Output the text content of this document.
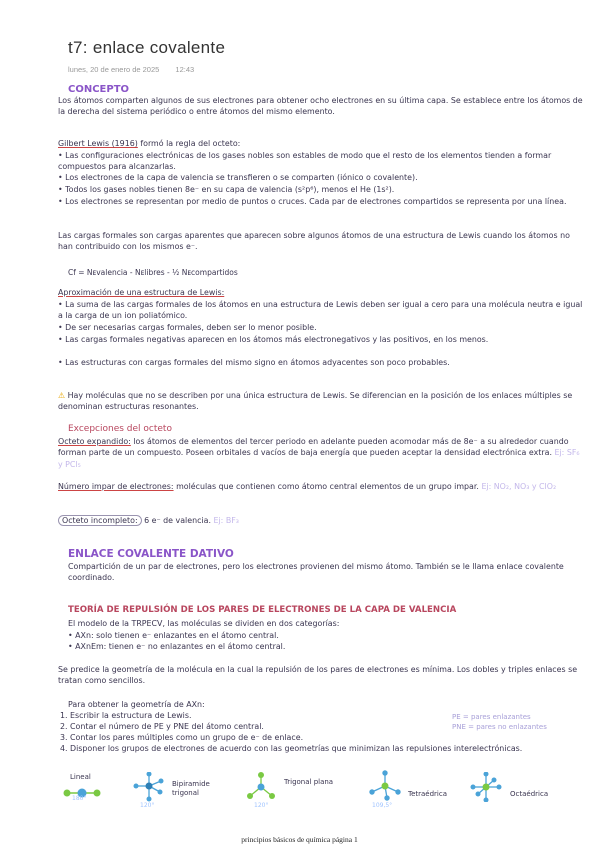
t7: enlace covalente
lunes, 20 de enero de 2025 12:43
CONCEPTO
Los átomos comparten algunos de sus electrones para obtener ocho electrones en su última capa. Se establece entre los átomos de la derecha del sistema periódico o entre átomos del mismo elemento.
Gilbert Lewis (1916) formó la regla del octeto:
• Las configuraciones electrónicas de los gases nobles son estables de modo que el resto de los elementos tienden a formar compuestos para alcanzarlas.
• Los electrones de la capa de valencia se transfieren o se comparten (iónico o covalente).
• Todos los gases nobles tienen 8e⁻ en su capa de valencia (s²p⁶), menos el He (1s²).
• Los electrones se representan por medio de puntos o cruces. Cada par de electrones compartidos se representa por una línea.
Las cargas formales son cargas aparentes que aparecen sobre algunos átomos de una estructura de Lewis cuando los átomos no han contribuido con los mismos e⁻.
Cf = Nᴇvalencia - Nᴇlibres - ½ Nᴇcompartidos
Aproximación de una estructura de Lewis:
• La suma de las cargas formales de los átomos en una estructura de Lewis deben ser igual a cero para una molécula neutra e igual a la carga de un ion poliatómico.
• De ser necesarias cargas formales, deben ser lo menor posible.
• Las cargas formales negativas aparecen en los átomos más electronegativos y las positivos, en los menos.
• Las estructuras con cargas formales del mismo signo en átomos adyacentes son poco probables.
⚠ Hay moléculas que no se describen por una única estructura de Lewis. Se diferencian en la posición de los enlaces múltiples se denominan estructuras resonantes.
Excepciones del octeto
Octeto expandido: los átomos de elementos del tercer periodo en adelante pueden acomodar más de 8e⁻ a su alrededor cuando forman parte de un compuesto. Poseen orbitales d vacíos de baja energía que pueden aceptar la densidad electrónica extra. Ej: SF₆ y PCl₅
Número impar de electrones: moléculas que contienen como átomo central elementos de un grupo impar. Ej: NO₂, NO₃ y ClO₂
Octeto incompleto: 6 e⁻ de valencia. Ej: BF₃
ENLACE COVALENTE DATIVO
Compartición de un par de electrones, pero los electrones provienen del mismo átomo. También se le llama enlace covalente coordinado.
TEORÍA DE REPULSIÓN DE LOS PARES DE ELECTRONES DE LA CAPA DE VALENCIA
El modelo de la TRPECV, las moléculas se dividen en dos categorías:
• AXn: solo tienen e⁻ enlazantes en el átomo central.
• AXnEm: tienen e⁻ no enlazantes en el átomo central.
Se predice la geometría de la molécula en la cual la repulsión de los pares de electrones es mínima. Los dobles y triples enlaces se tratan como sencillos.
Para obtener la geometría de AXn:
1. Escribir la estructura de Lewis.
2. Contar el número de PE y PNE del átomo central.
3. Contar los pares múltiples como un grupo de e⁻ de enlace.
4. Disponer los grupos de electrones de acuerdo con las geometrías que minimizan las repulsiones interelectrónicas.
PE = pares enlazantes
PNE = pares no enlazantes
Lineal
180°
120°
Bipiramide trigonal
120°
Trigonal plana
109,5°
Tetraédrica	Octaédrica
principios básicos de química página 1
